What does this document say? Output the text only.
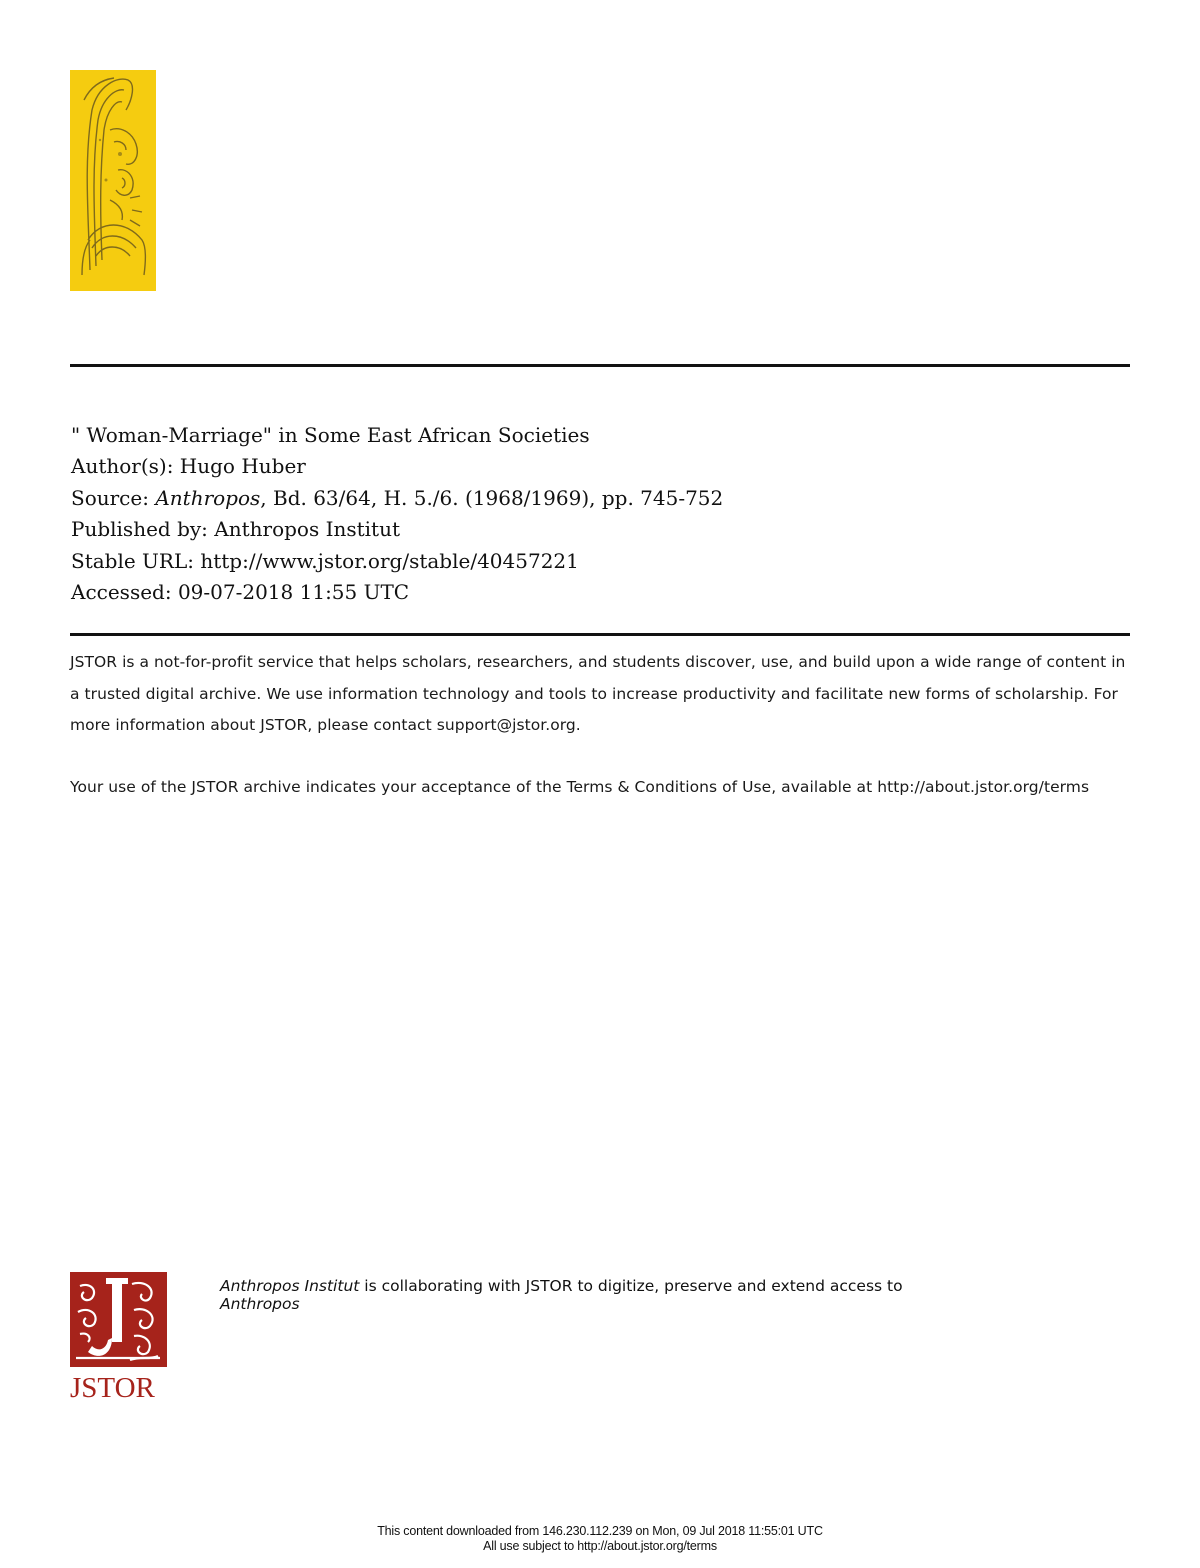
" Woman-Marriage" in Some East African Societies
Author(s): Hugo Huber
Source: Anthropos, Bd. 63/64, H. 5./6. (1968/1969), pp. 745-752
Published by: Anthropos Institut
Stable URL: http://www.jstor.org/stable/40457221
Accessed: 09-07-2018 11:55 UTC
JSTOR is a not-for-profit service that helps scholars, researchers, and students discover, use, and build upon a wide range of content in a trusted digital archive. We use information technology and tools to increase productivity and facilitate new forms of scholarship. For more information about JSTOR, please contact support@jstor.org.
Your use of the JSTOR archive indicates your acceptance of the Terms & Conditions of Use, available at http://about.jstor.org/terms
JSTOR
Anthropos Institut is collaborating with JSTOR to digitize, preserve and extend access to
Anthropos
This content downloaded from 146.230.112.239 on Mon, 09 Jul 2018 11:55:01 UTC
All use subject to http://about.jstor.org/terms
